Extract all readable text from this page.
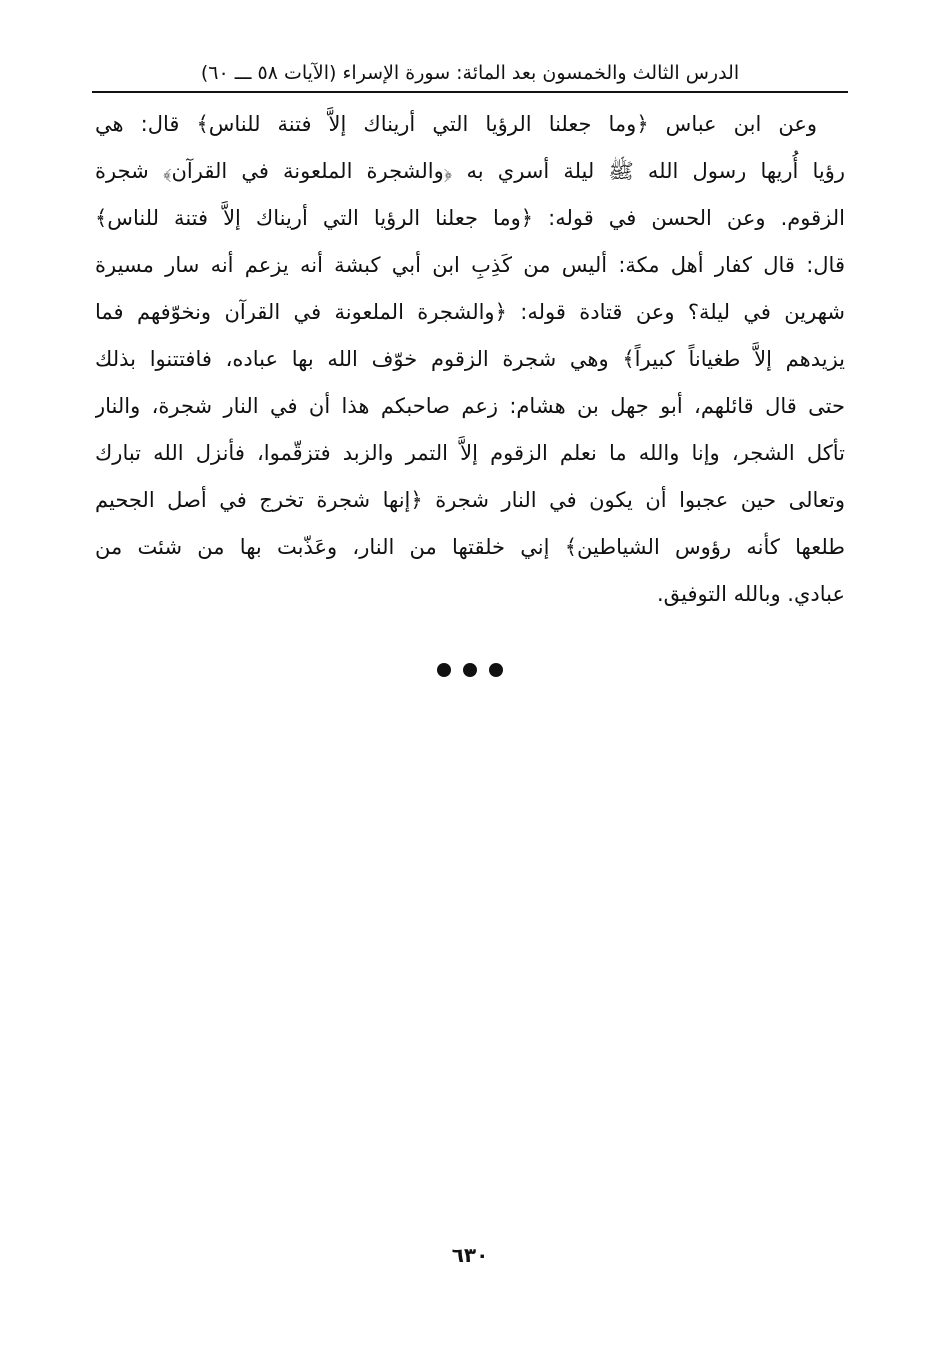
الدرس الثالث والخمسون بعد المائة: سورة الإسراء (الآيات ٥٨ ـــ ٦٠)
وعن ابن عباس ﴿وما جعلنا الرؤيا التي أريناك إلاَّ فتنة للناس﴾ قال: هي
رؤيا أُريها رسول الله ﷺ ليلة أسري به ﴿والشجرة الملعونة في القرآن﴾ شجرة
الزقوم. وعن الحسن في قوله: ﴿وما جعلنا الرؤيا التي أريناك إلاَّ فتنة للناس﴾
قال: قال كفار أهل مكة: أليس من كَذِبِ ابن أبي كبشة أنه يزعم أنه سار مسيرة
شهرين في ليلة؟ وعن قتادة قوله: ﴿والشجرة الملعونة في القرآن ونخوّفهم فما
يزيدهم إلاَّ طغياناً كبيراً﴾ وهي شجرة الزقوم خوّف الله بها عباده، فافتتنوا بذلك
حتى قال قائلهم، أبو جهل بن هشام: زعم صاحبكم هذا أن في النار شجرة، والنار
تأكل الشجر، وإنا والله ما نعلم الزقوم إلاَّ التمر والزبد فتزقّموا، فأنزل الله تبارك
وتعالى حين عجبوا أن يكون في النار شجرة ﴿إنها شجرة تخرج في أصل الجحيم
طلعها كأنه رؤوس الشياطين﴾ إني خلقتها من النار، وعَذّبت بها من شئت من
عبادي. وبالله التوفيق.

٦٣٠
